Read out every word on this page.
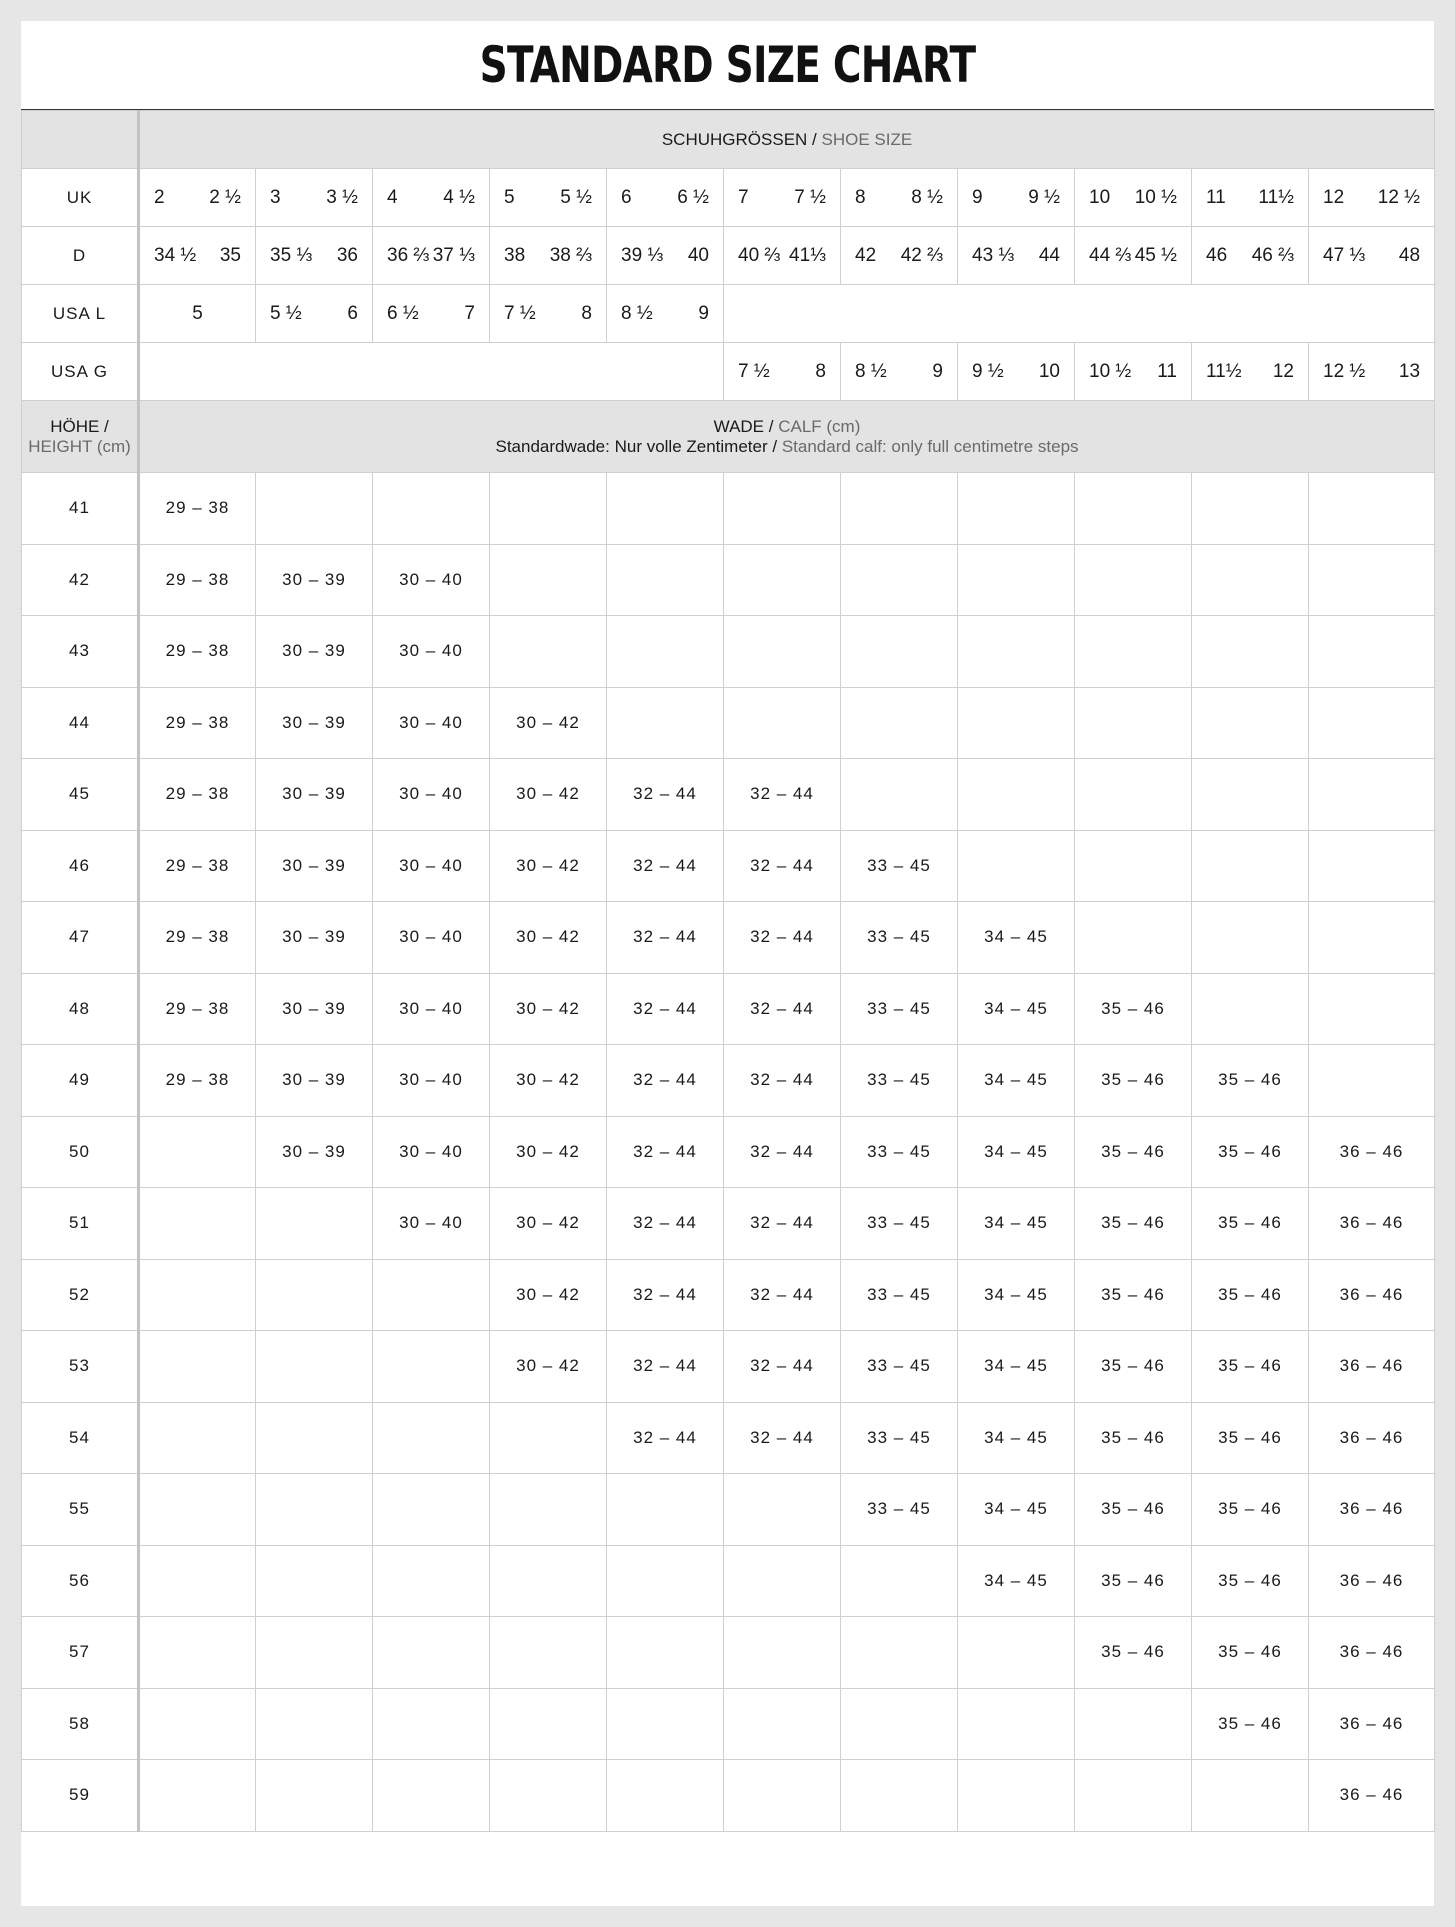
STANDARD SIZE CHART
	SCHUHGRÖSSEN / SHOE SIZE										
UK	2 2 ½	3 3 ½	4 4 ½	5 5 ½	6 6 ½	7 7 ½	8 8 ½	9 9 ½	10 10 ½	11 11½	12 12 ½

D	34 ½ 35	35 ⅓ 36	36 ⅔ 37 ⅓	38 38 ⅔	39 ⅓ 40	40 ⅔ 41⅓	42 42 ⅔	43 ⅓ 44	44 ⅔ 45 ½	46 46 ⅔	47 ⅓ 48

USA L	5	5 ½ 6	6 ½ 7	7 ½ 8	8 ½ 9						

USA G						7 ½ 8	8 ½ 9	9 ½ 10	10 ½ 11	11½ 12	12 ½ 13

HÖHE /
HEIGHT (cm)	WADE / CALF (cm)
Standardwade: Nur volle Zentimeter / Standard calf: only full centimetre steps										
41	29 – 38										
42	29 – 38	30 – 39	30 – 40								
43	29 – 38	30 – 39	30 – 40								
44	29 – 38	30 – 39	30 – 40	30 – 42							
45	29 – 38	30 – 39	30 – 40	30 – 42	32 – 44	32 – 44					
46	29 – 38	30 – 39	30 – 40	30 – 42	32 – 44	32 – 44	33 – 45				
47	29 – 38	30 – 39	30 – 40	30 – 42	32 – 44	32 – 44	33 – 45	34 – 45			
48	29 – 38	30 – 39	30 – 40	30 – 42	32 – 44	32 – 44	33 – 45	34 – 45	35 – 46		
49	29 – 38	30 – 39	30 – 40	30 – 42	32 – 44	32 – 44	33 – 45	34 – 45	35 – 46	35 – 46	
50		30 – 39	30 – 40	30 – 42	32 – 44	32 – 44	33 – 45	34 – 45	35 – 46	35 – 46	36 – 46
51			30 – 40	30 – 42	32 – 44	32 – 44	33 – 45	34 – 45	35 – 46	35 – 46	36 – 46
52				30 – 42	32 – 44	32 – 44	33 – 45	34 – 45	35 – 46	35 – 46	36 – 46
53				30 – 42	32 – 44	32 – 44	33 – 45	34 – 45	35 – 46	35 – 46	36 – 46
54					32 – 44	32 – 44	33 – 45	34 – 45	35 – 46	35 – 46	36 – 46
55							33 – 45	34 – 45	35 – 46	35 – 46	36 – 46
56								34 – 45	35 – 46	35 – 46	36 – 46
57									35 – 46	35 – 46	36 – 46
58										35 – 46	36 – 46
59											36 – 46
